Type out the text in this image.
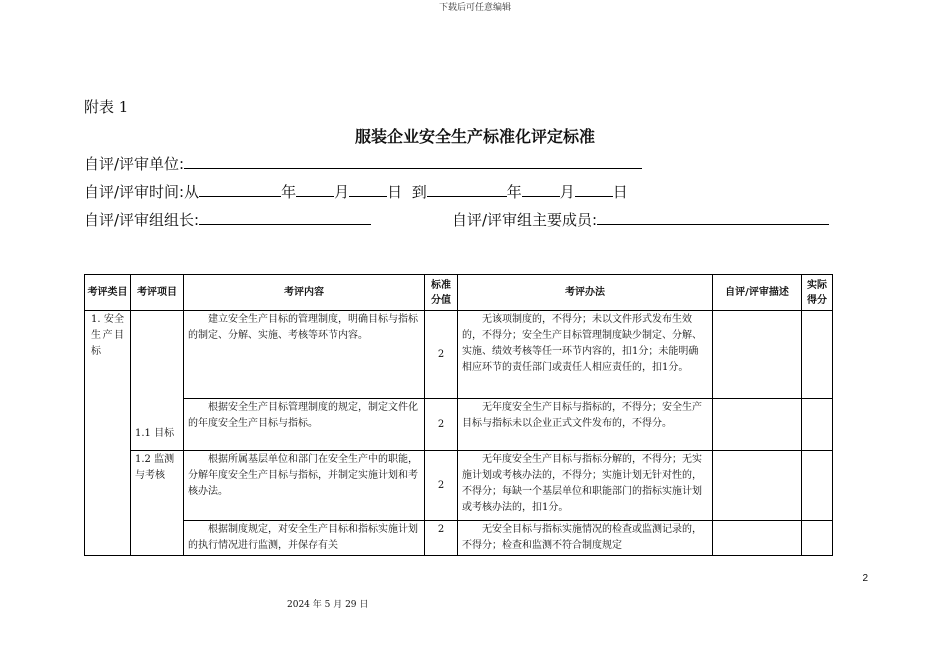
下载后可任意编辑
附表 1
服装企业安全生产标准化评定标准
自评/评审单位:
自评/评审时间:从	年	月	日 到	年	月	日
自评/评审组组长:	自评/评审组主要成员:
考评类目	考评项目	考评内容	标准分值	考评办法	自评/评审描述	实际得分
1. 安全生产目标	1.1 目标	建立安全生产目标的管理制度，明确目标与指标的制定、分解、实施、考核等环节内容。	2	无该项制度的，不得分；未以文件形式发布生效的，不得分；安全生产目标管理制度缺少制定、分解、实施、绩效考核等任一环节内容的，扣1分；未能明确相应环节的责任部门或责任人相应责任的，扣1分。		
		根据安全生产目标管理制度的规定，制定文件化的年度安全生产目标与指标。	2	无年度安全生产目标与指标的，不得分；安全生产目标与指标未以企业正式文件发布的，不得分。		
	1.2 监测与考核	根据所属基层单位和部门在安全生产中的职能，分解年度安全生产目标与指标，并制定实施计划和考核办法。	2	无年度安全生产目标与指标分解的，不得分；无实施计划或考核办法的，不得分；实施计划无针对性的，不得分；每缺一个基层单位和职能部门的指标实施计划或考核办法的，扣1分。		
		根据制度规定，对安全生产目标和指标实施计划的执行情况进行监测，并保存有关	2	无安全目标与指标实施情况的检查或监测记录的，不得分；检查和监测不符合制度规定		
2
2024 年 5 月 29 日
